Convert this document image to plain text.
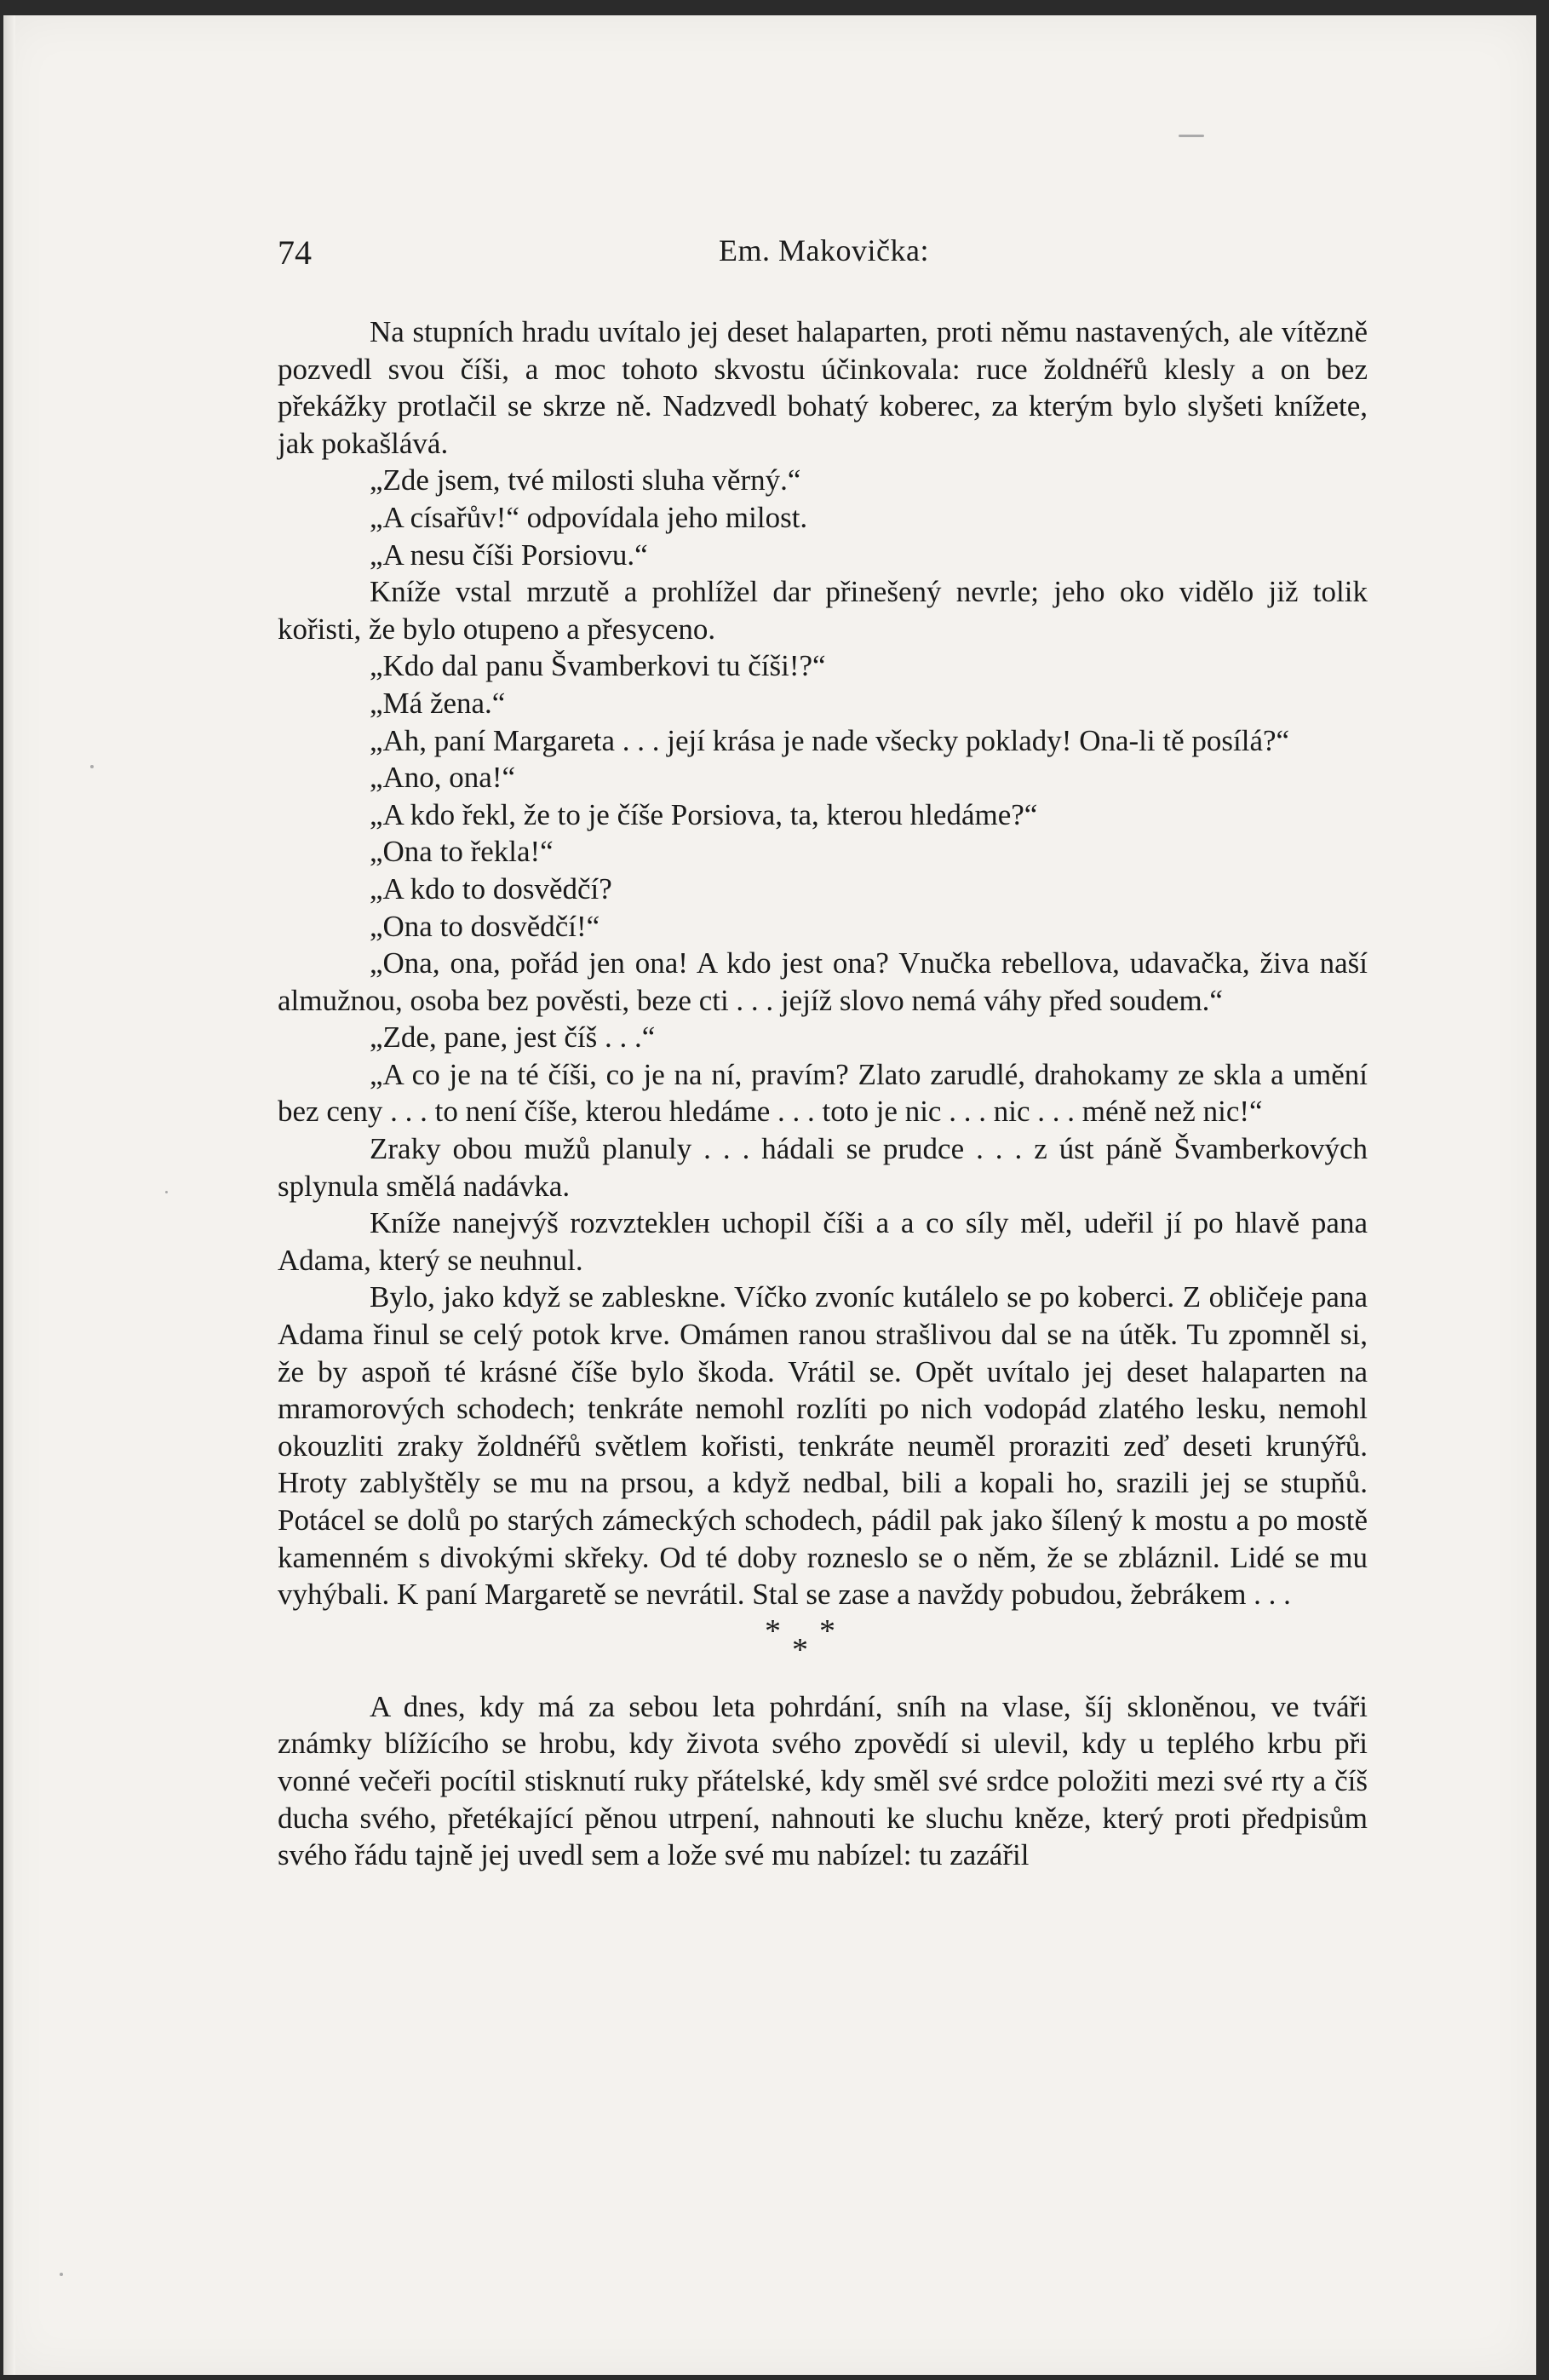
74	Em. Makovička:

Na stupních hradu uvítalo jej deset halaparten, proti němu nastavených, ale vítězně pozvedl svou číši, a moc tohoto skvostu účinkovala: ruce žoldnéřů klesly a on bez překážky protlačil se skrze ně. Nadzvedl bohatý koberec, za kterým bylo slyšeti knížete, jak pokašlává.

„Zde jsem, tvé milosti sluha věrný.“

„A císařův!“ odpovídala jeho milost.

„A nesu číši Porsiovu.“

Kníže vstal mrzutě a prohlížel dar přinešený nevrle; jeho oko vidělo již tolik kořisti, že bylo otupeno a přesyceno.

„Kdo dal panu Švamberkovi tu číši!?“

„Má žena.“

„Ah, paní Margareta . . . její krása je nade všecky poklady! Ona-li tě posílá?“

„Ano, ona!“

„A kdo řekl, že to je číše Porsiova, ta, kterou hledáme?“

„Ona to řekla!“

„A kdo to dosvědčí?

„Ona to dosvědčí!“

„Ona, ona, pořád jen ona! A kdo jest ona? Vnučka rebellova, udavačka, živa naší almužnou, osoba bez pověsti, beze cti . . . jejíž slovo nemá váhy před soudem.“

„Zde, pane, jest číš . . .“

„A co je na té číši, co je na ní, pravím? Zlato zarudlé, drahokamy ze skla a umění bez ceny . . . to není číše, kterou hledáme . . . toto je nic . . . nic . . . méně než nic!“

Zraky obou mužů planuly . . . hádali se prudce . . . z úst páně Švamberkových splynula smělá nadávka.

Kníže nanejvýš rozvztekleн uchopil číši a a co síly měl, udeřil jí po hlavě pana Adama, který se neuhnul.

Bylo, jako když se zableskne. Víčko zvoníc kutálelo se po koberci. Z obličeje pana Adama řinul se celý potok krve. Omámen ranou strašlivou dal se na útěk. Tu zpomněl si, že by aspoň té krásné číše bylo škoda. Vrátil se. Opět uvítalo jej deset halaparten na mramorových schodech; tenkráte nemohl rozlíti po nich vodopád zlatého lesku, nemohl okouzliti zraky žoldnéřů světlem kořisti, tenkráte neuměl proraziti zeď deseti krunýřů. Hroty zablyštěly se mu na prsou, a když nedbal, bili a kopali ho, srazili jej se stupňů. Potácel se dolů po starých zámeckých schodech, pádil pak jako šílený k mostu a po mostě kamenném s divokými skřeky. Od té doby rozneslo se o něm, že se zbláznil. Lidé se mu vyhýbali. K paní Margaretě se nevrátil. Stal se zase a navždy pobudou, žebrákem . . .

* *
*

A dnes, kdy má za sebou leta pohrdání, sníh na vlase, šíj skloněnou, ve tváři známky blížícího se hrobu, kdy života svého zpovědí si ulevil, kdy u teplého krbu při vonné večeři pocítil stisknutí ruky přátelské, kdy směl své srdce položiti mezi své rty a číš ducha svého, přetékající pěnou utrpení, nahnouti ke sluchu kněze, který proti předpisům svého řádu tajně jej uvedl sem a lože své mu nabízel: tu zazářil
